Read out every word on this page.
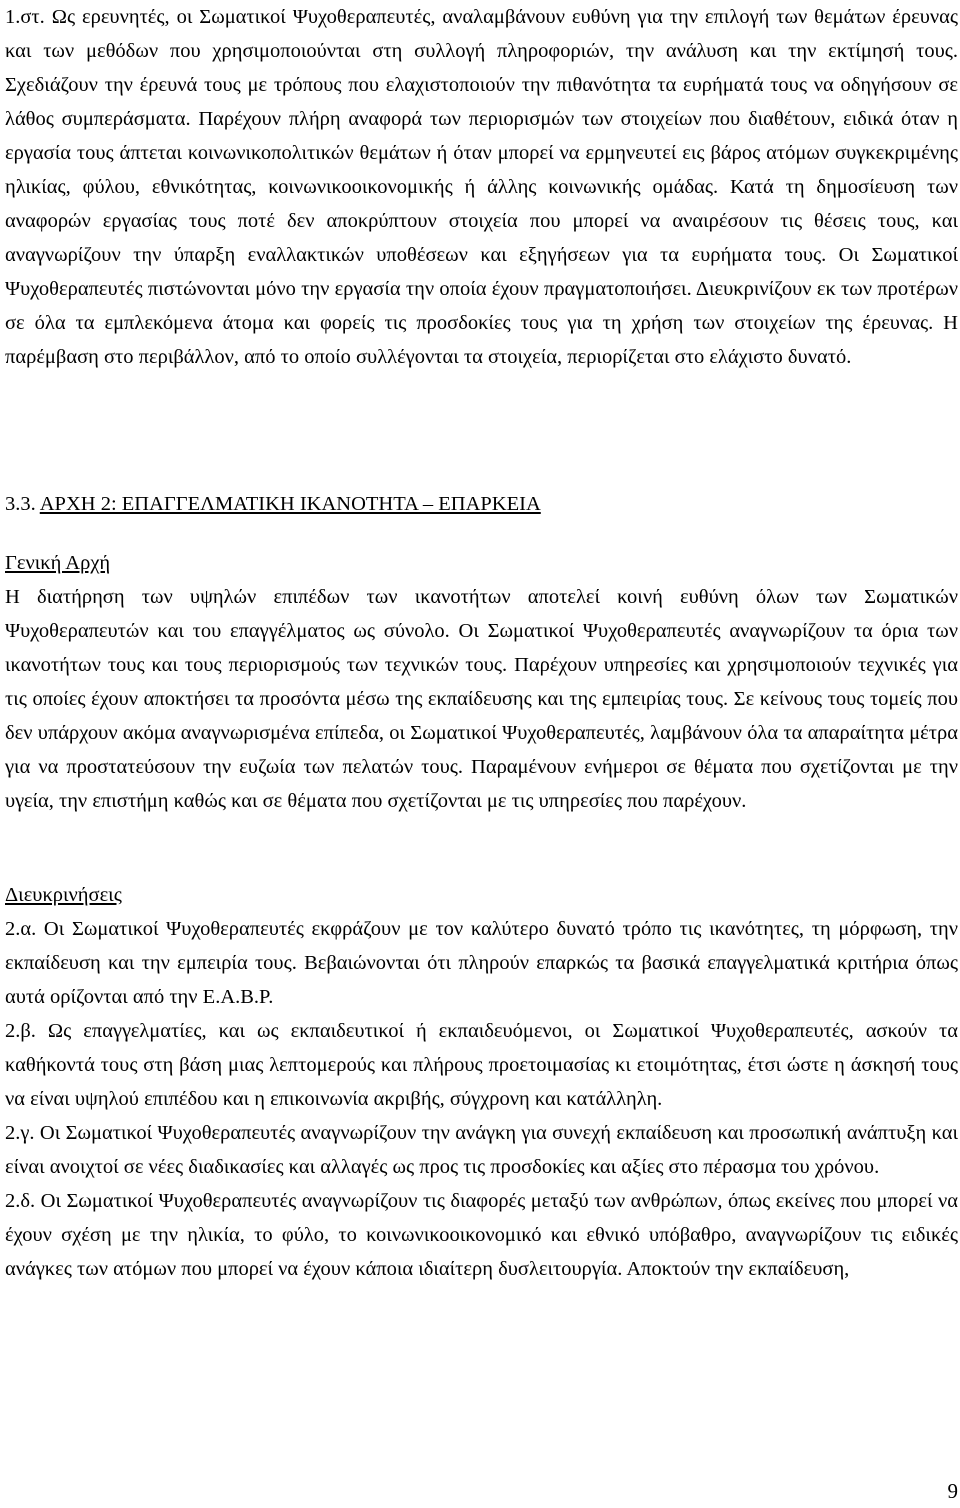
1.στ. Ως ερευνητές, οι Σωματικοί Ψυχοθεραπευτές, αναλαμβάνουν ευθύνη για την επιλογή των θεμάτων έρευνας και των μεθόδων που χρησιμοποιούνται στη συλλογή πληροφοριών, την ανάλυση και την εκτίμησή τους. Σχεδιάζουν την έρευνά τους με τρόπους που ελαχιστοποιούν την πιθανότητα τα ευρήματά τους να οδηγήσουν σε λάθος συμπεράσματα. Παρέχουν πλήρη αναφορά των περιορισμών των στοιχείων που διαθέτουν, ειδικά όταν η εργασία τους άπτεται κοινωνικοπολιτικών θεμάτων ή όταν μπορεί να ερμηνευτεί εις βάρος ατόμων συγκεκριμένης ηλικίας, φύλου, εθνικότητας, κοινωνικοοικονομικής ή άλλης κοινωνικής ομάδας. Κατά τη δημοσίευση των αναφορών εργασίας τους ποτέ δεν αποκρύπτουν στοιχεία που μπορεί να αναιρέσουν τις θέσεις τους, και αναγνωρίζουν την ύπαρξη εναλλακτικών υποθέσεων και εξηγήσεων για τα ευρήματα τους. Οι Σωματικοί Ψυχοθεραπευτές πιστώνονται μόνο την εργασία την οποία έχουν πραγματοποιήσει. Διευκρινίζουν εκ των προτέρων σε όλα τα εμπλεκόμενα άτομα και φορείς τις προσδοκίες τους για τη χρήση των στοιχείων της έρευνας. Η παρέμβαση στο περιβάλλον, από το οποίο συλλέγονται τα στοιχεία, περιορίζεται στο ελάχιστο δυνατό.
3.3. ΑΡΧΗ 2: ΕΠΑΓΓΕΛΜΑΤΙΚΗ ΙΚΑΝΟΤΗΤΑ – ΕΠΑΡΚΕΙΑ
Γενική Αρχή
Η διατήρηση των υψηλών επιπέδων των ικανοτήτων αποτελεί κοινή ευθύνη όλων των Σωματικών Ψυχοθεραπευτών και του επαγγέλματος ως σύνολο. Οι Σωματικοί Ψυχοθεραπευτές αναγνωρίζουν τα όρια των ικανοτήτων τους και τους περιορισμούς των τεχνικών τους. Παρέχουν υπηρεσίες και χρησιμοποιούν τεχνικές για τις οποίες έχουν αποκτήσει τα προσόντα μέσω της εκπαίδευσης και της εμπειρίας τους. Σε κείνους τους τομείς που δεν υπάρχουν ακόμα αναγνωρισμένα επίπεδα, οι Σωματικοί Ψυχοθεραπευτές, λαμβάνουν όλα τα απαραίτητα μέτρα για να προστατεύσουν την ευζωία των πελατών τους. Παραμένουν ενήμεροι σε θέματα που σχετίζονται με την υγεία, την επιστήμη καθώς και σε θέματα που σχετίζονται με τις υπηρεσίες που παρέχουν.
Διευκρινήσεις
2.α. Οι Σωματικοί Ψυχοθεραπευτές εκφράζουν με τον καλύτερο δυνατό τρόπο τις ικανότητες, τη μόρφωση, την εκπαίδευση και την εμπειρία τους. Βεβαιώνονται ότι πληρούν επαρκώς τα βασικά επαγγελματικά κριτήρια όπως αυτά ορίζονται από την Ε.Α.Β.Ρ.
2.β. Ως επαγγελματίες, και ως εκπαιδευτικοί ή εκπαιδευόμενοι, οι Σωματικοί Ψυχοθεραπευτές, ασκούν τα καθήκοντά τους στη βάση μιας λεπτομερούς και πλήρους προετοιμασίας κι ετοιμότητας, έτσι ώστε η άσκησή τους να είναι υψηλού επιπέδου και η επικοινωνία ακριβής, σύγχρονη και κατάλληλη.
2.γ. Οι Σωματικοί Ψυχοθεραπευτές αναγνωρίζουν την ανάγκη για συνεχή εκπαίδευση και προσωπική ανάπτυξη και είναι ανοιχτοί σε νέες διαδικασίες και αλλαγές ως προς τις προσδοκίες και αξίες στο πέρασμα του χρόνου.
2.δ. Οι Σωματικοί Ψυχοθεραπευτές αναγνωρίζουν τις διαφορές μεταξύ των ανθρώπων, όπως εκείνες που μπορεί να έχουν σχέση με την ηλικία, το φύλο, το κοινωνικοοικονομικό και εθνικό υπόβαθρο, αναγνωρίζουν τις ειδικές ανάγκες των ατόμων που μπορεί να έχουν κάποια ιδιαίτερη δυσλειτουργία. Αποκτούν την εκπαίδευση,
9
